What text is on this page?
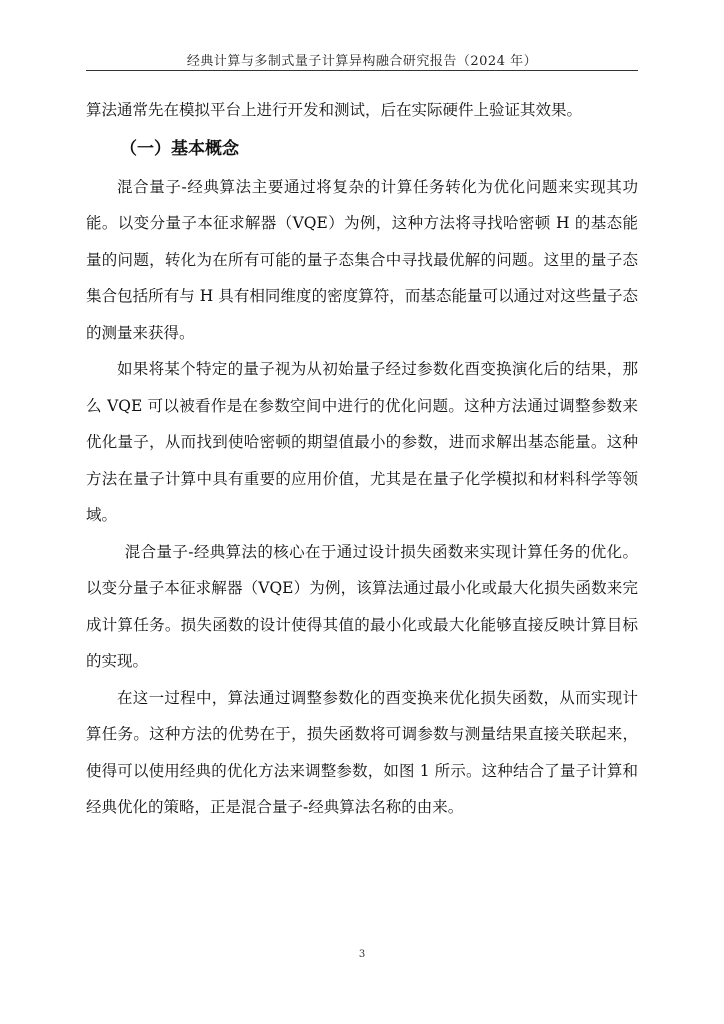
经典计算与多制式量子计算异构融合研究报告（2024 年）

算法通常先在模拟平台上进行开发和测试，后在实际硬件上验证其效果。

（一）基本概念

混合量子-经典算法主要通过将复杂的计算任务转化为优化问题来实现其功能。以变分量子本征求解器（VQE）为例，这种方法将寻找哈密顿 H 的基态能量的问题，转化为在所有可能的量子态集合中寻找最优解的问题。这里的量子态集合包括所有与 H 具有相同维度的密度算符，而基态能量可以通过对这些量子态的测量来获得。

如果将某个特定的量子视为从初始量子经过参数化酉变换演化后的结果，那么 VQE 可以被看作是在参数空间中进行的优化问题。这种方法通过调整参数来优化量子，从而找到使哈密顿的期望值最小的参数，进而求解出基态能量。这种方法在量子计算中具有重要的应用价值，尤其是在量子化学模拟和材料科学等领域。

混合量子-经典算法的核心在于通过设计损失函数来实现计算任务的优化。以变分量子本征求解器（VQE）为例，该算法通过最小化或最大化损失函数来完成计算任务。损失函数的设计使得其值的最小化或最大化能够直接反映计算目标的实现。

在这一过程中，算法通过调整参数化的酉变换来优化损失函数，从而实现计算任务。这种方法的优势在于，损失函数将可调参数与测量结果直接关联起来，使得可以使用经典的优化方法来调整参数，如图 1 所示。这种结合了量子计算和经典优化的策略，正是混合量子-经典算法名称的由来。

3
